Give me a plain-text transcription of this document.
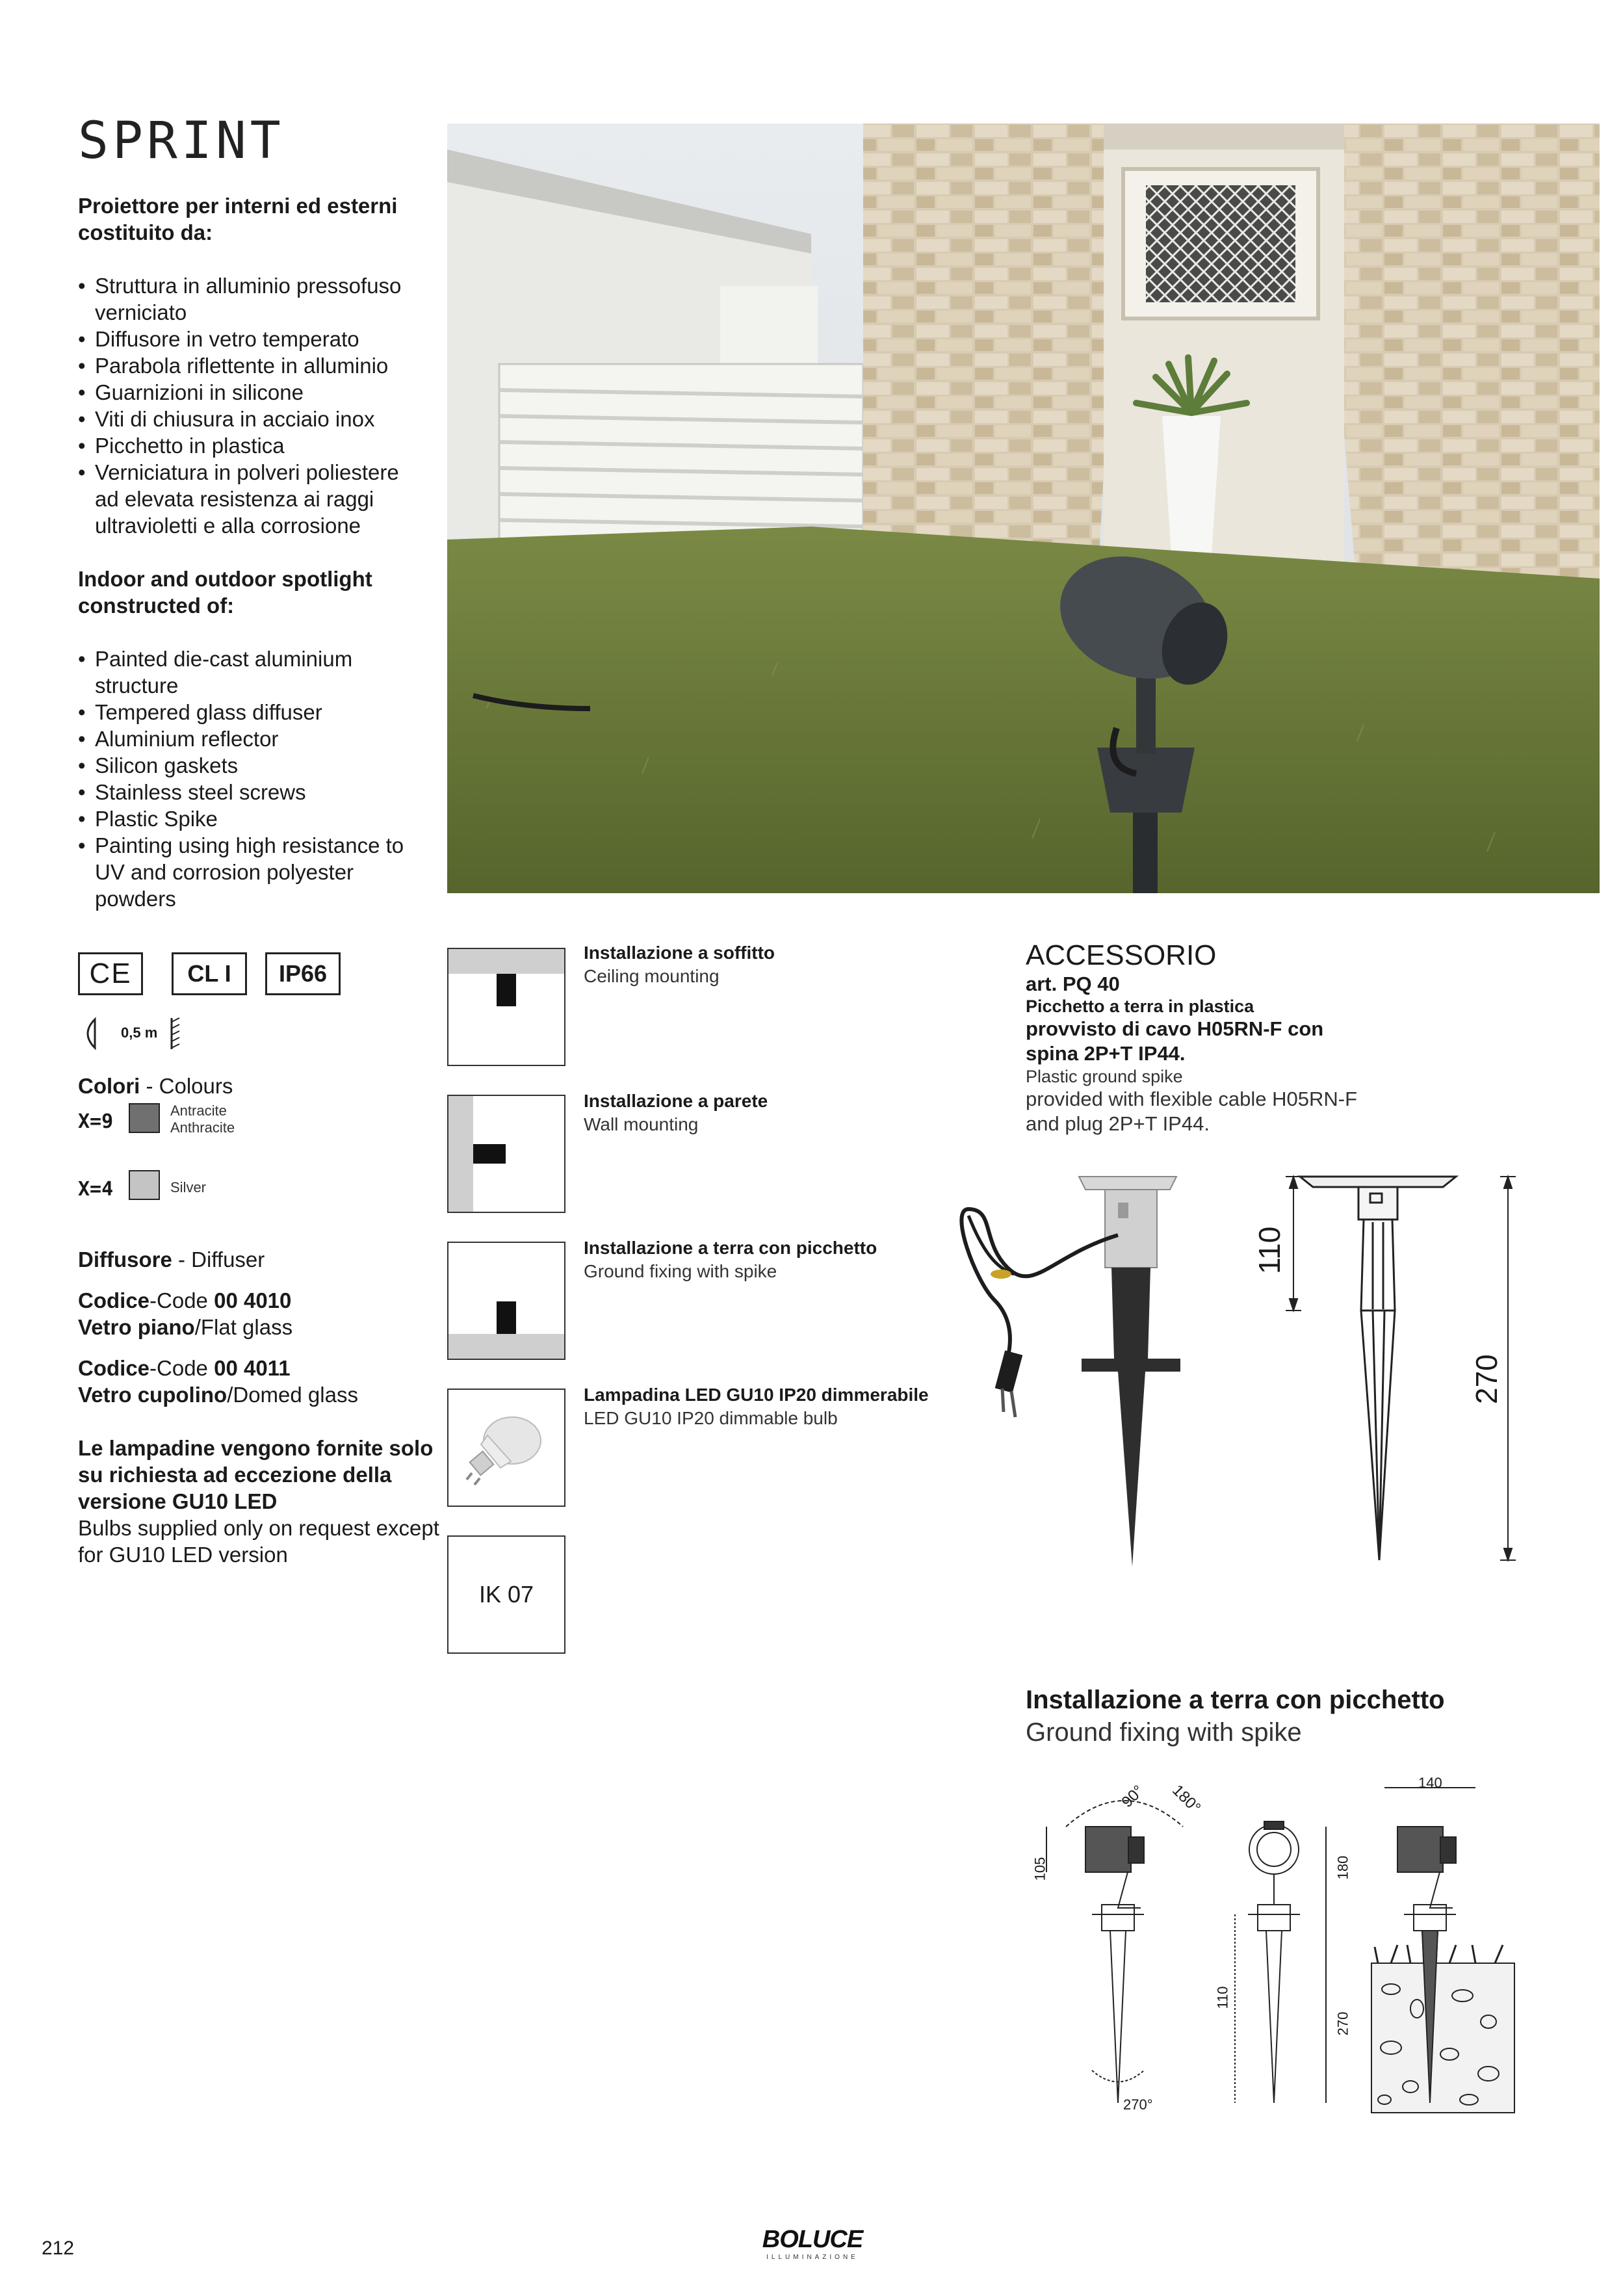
SPRINT
Proiettore per interni ed esterni costituito da:
• Struttura in alluminio pressofuso verniciato
• Diffusore in vetro temperato
• Parabola riflettente in alluminio
• Guarnizioni in silicone
• Viti di chiusura in acciaio inox
• Picchetto in plastica
• Verniciatura in polveri poliestere ad elevata resistenza ai raggi ultravioletti e alla corrosione
Indoor and outdoor spotlight constructed of:
• Painted die-cast aluminium structure
• Tempered glass diffuser
• Aluminium reflector
• Silicon gaskets
• Stainless steel screws
• Plastic Spike
• Painting using high resistance to UV and corrosion polyester powders
CE	CL I	IP66
0,5 m
Colori - Colours
X=9	Antracite
Anthracite
X=4	Silver
Diffusore - Diffuser
Codice-Code 00 4010
Vetro piano/Flat glass
Codice-Code 00 4011
Vetro cupolino/Domed glass
Le lampadine vengono fornite solo su richiesta ad eccezione della versione GU10 LED
Bulbs supplied only on request except for GU10 LED version
IK 07
Installazione a soffitto
Ceiling mounting
Installazione a parete
Wall mounting
Installazione a terra con picchetto
Ground fixing with spike
Lampadina LED GU10 IP20 dimmerabile
LED GU10 IP20 dimmable bulb
ACCESSORIO
art. PQ 40
Picchetto a terra in plastica
provvisto di cavo H05RN-F con spina 2P+T IP44.
Plastic ground spike
provided with flexible cable H05RN-F and plug 2P+T IP44.
110
270
Installazione a terra con picchetto
Ground fixing with spike
90° 180°
270°
105
110
180
270
140
212	BOLUCE
ILLUMINAZIONE
